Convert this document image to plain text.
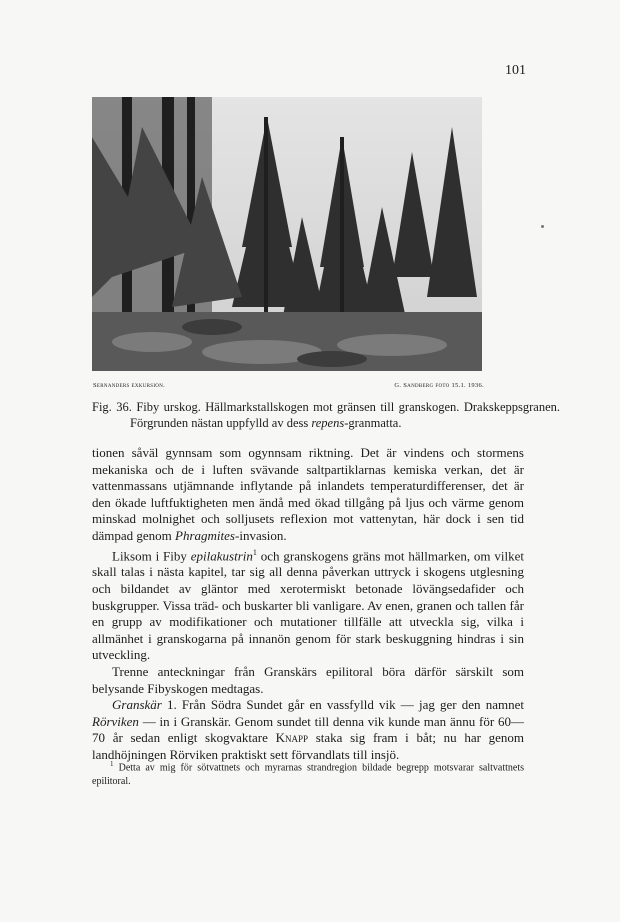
101
Sernanders exkursion.	G. Sandberg foto 15.1. 1936.
Fig. 36. Fiby urskog. Hällmarkstallskogen mot gränsen till granskogen. Drakskeppsgranen. Förgrunden nästan uppfylld av dess repens-granmatta.

tionen såväl gynnsam som ogynnsam riktning. Det är vindens och stormens mekaniska och de i luften svävande saltpartiklarnas kemiska verkan, det är vattenmassans utjämnande inflytande på inlandets temperaturdifferenser, det är den ökade luftfuktigheten men ändå med ökad tillgång på ljus och värme genom minskad molnighet och solljusets reflexion mot vattenytan, här dock i sen tid dämpad genom Phragmites-invasion.

Liksom i Fiby epilakustrin$^1$ och granskogens gräns mot hällmarken, om vilket skall talas i nästa kapitel, tar sig all denna påverkan uttryck i skogens utglesning och bildandet av gläntor med xerotermiskt betonade lövängsedafider och buskgrupper. Vissa träd- och buskarter bli vanligare. Av enen, granen och tallen får en grupp av modifikationer och mutationer tillfälle att utveckla sig, vilka i allmänhet i granskogarna på innanön genom för stark beskuggning hindras i sin utveckling.

Trenne anteckningar från Granskärs epilitoral böra därför särskilt som belysande Fibyskogen medtagas.

Granskär 1. Från Södra Sundet går en vassfylld vik — jag ger den namnet Rörviken — in i Granskär. Genom sundet till denna vik kunde man ännu för 60—70 år sedan enligt skogvaktare Knapp staka sig fram i båt; nu har genom landhöjningen Rörviken praktiskt sett förvandlats till insjö.

$^1$ Detta av mig för sötvattnets och myrarnas strandregion bildade begrepp motsvarar saltvattnets epilitoral.
